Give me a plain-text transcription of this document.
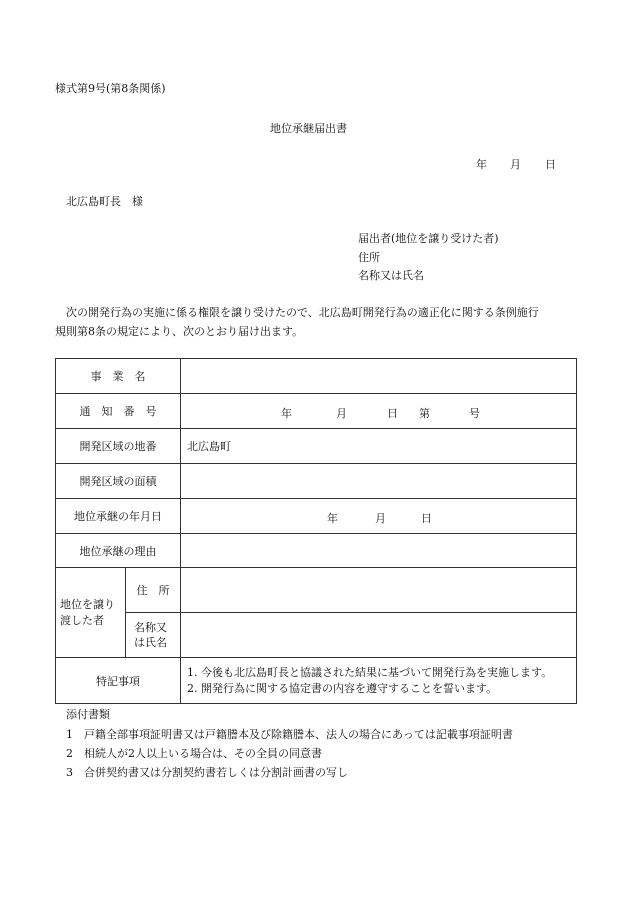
様式第9号(第8条関係)
地位承継届出書
年 月 日
北広島町長　様
届出者(地位を譲り受けた者)
住所
名称又は氏名
次の開発行為の実施に係る権限を譲り受けたので、北広島町開発行為の適正化に関する条例施行
規則第8条の規定により、次のとおり届け出ます。
事　業　名		
通　知　番　号		年 月 日 第 号

開発区域の地番		北広島町
開発区域の面積		
地位承継の年月日		年 月 日

地位承継の理由		
地位を譲り渡した者	住　所	
	名称又は氏名	
特記事項		1. 今後も北広島町長と協議された結果に基づいて開発行為を実施します。
2. 開発行為に関する協定書の内容を遵守することを誓います。
添付書類
1　戸籍全部事項証明書又は戸籍謄本及び除籍謄本、法人の場合にあっては記載事項証明書
2　相続人が2人以上いる場合は、その全員の同意書
3　合併契約書又は分割契約書若しくは分割計画書の写し
